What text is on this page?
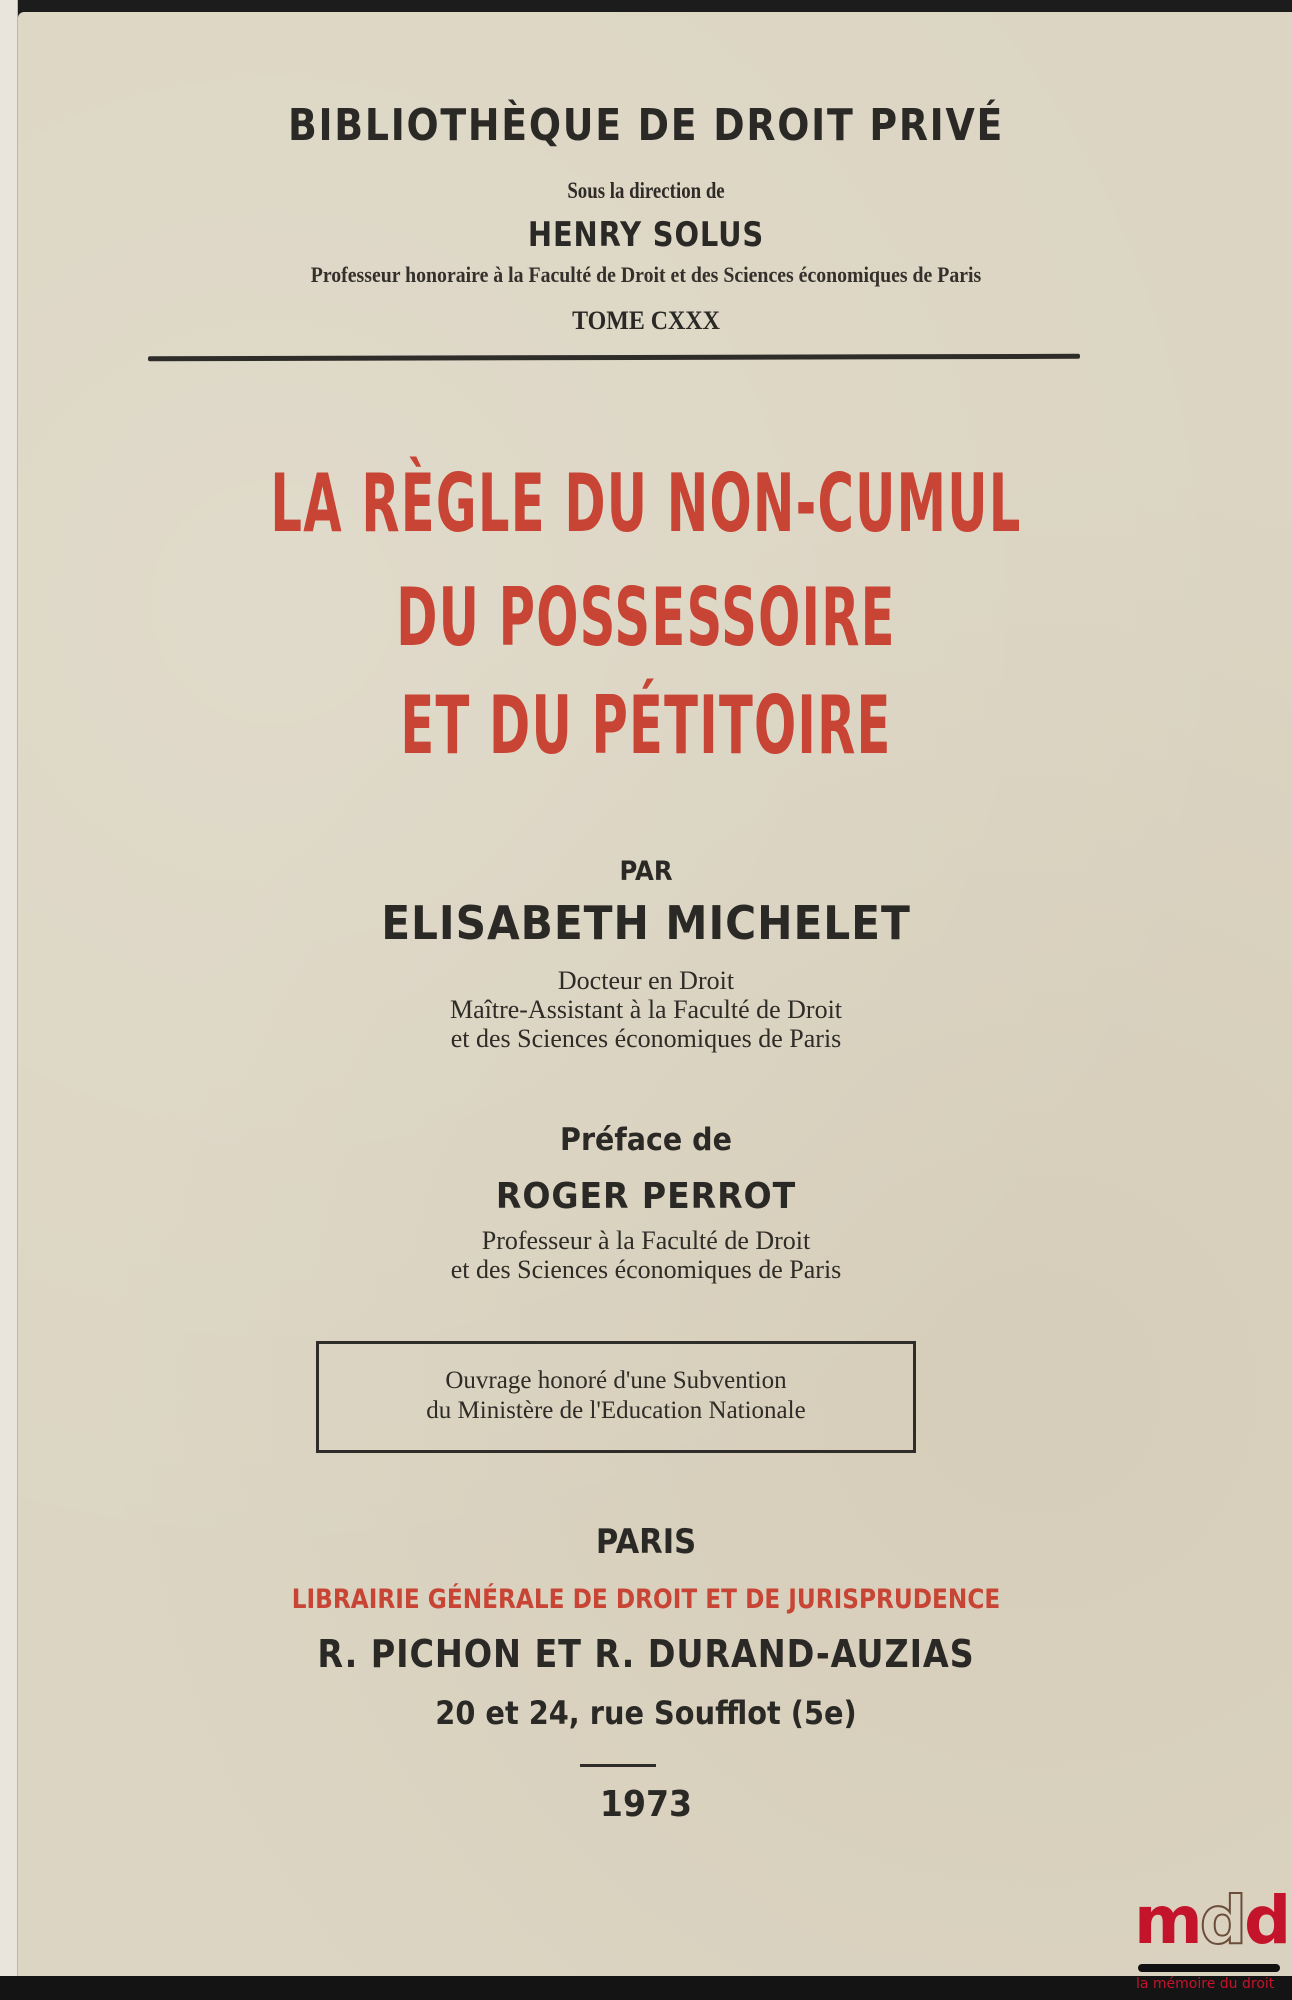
BIBLIOTHÈQUE DE DROIT PRIVÉ
Sous la direction de
HENRY SOLUS
Professeur honoraire à la Faculté de Droit et des Sciences économiques de Paris
TOME CXXX
LA RÈGLE DU NON-CUMUL
DU POSSESSOIRE
ET DU PÉTITOIRE
PAR
ELISABETH MICHELET
Docteur en Droit
Maître-Assistant à la Faculté de Droit
et des Sciences économiques de Paris
Préface de
ROGER PERROT
Professeur à la Faculté de Droit
et des Sciences économiques de Paris
Ouvrage honoré d'une Subvention
du Ministère de l'Education Nationale
PARIS
LIBRAIRIE GÉNÉRALE DE DROIT ET DE JURISPRUDENCE
R. PICHON ET R. DURAND-AUZIAS
20 et 24, rue Soufflot (5e)
1973
mdd
la mémoire du droit
